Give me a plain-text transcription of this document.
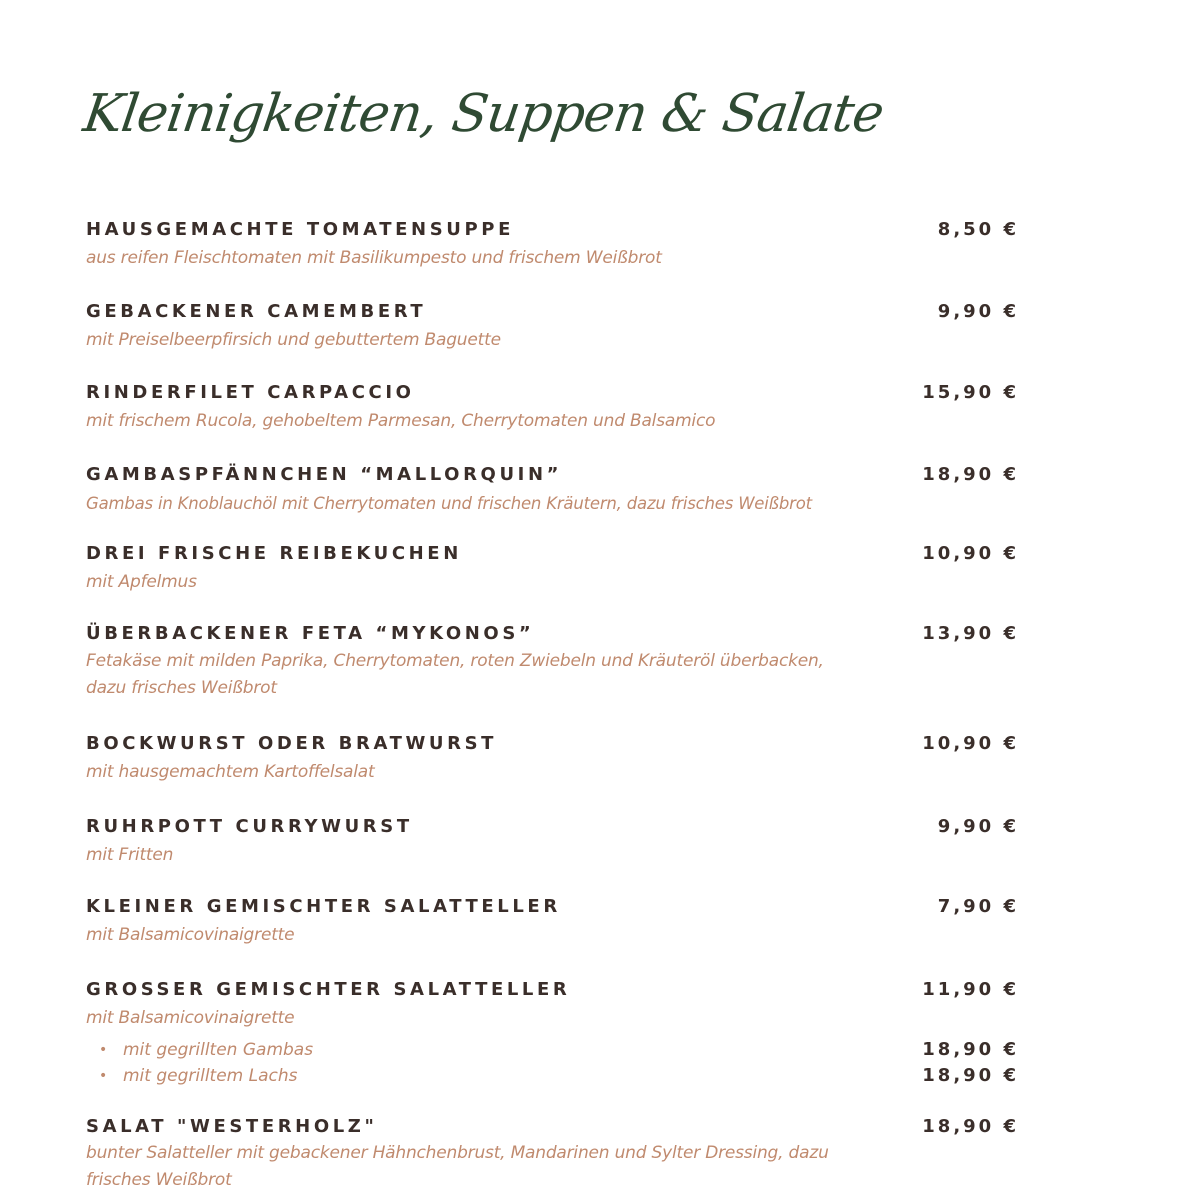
Kleinigkeiten, Suppen & Salate
HAUSGEMACHTE TOMATENSUPPE	8,50 €
aus reifen Fleischtomaten mit Basilikumpesto und frischem Weißbrot
GEBACKENER CAMEMBERT	9,90 €
mit Preiselbeerpfirsich und gebuttertem Baguette
RINDERFILET CARPACCIO	15,90 €
mit frischem Rucola, gehobeltem Parmesan, Cherrytomaten und Balsamico
GAMBASPFÄNNCHEN “MALLORQUIN”	18,90 €
Gambas in Knoblauchöl mit Cherrytomaten und frischen Kräutern, dazu frisches Weißbrot
DREI FRISCHE REIBEKUCHEN	10,90 €
mit Apfelmus
ÜBERBACKENER FETA “MYKONOS”	13,90 €
Fetakäse mit milden Paprika, Cherrytomaten, roten Zwiebeln und Kräuteröl überbacken, dazu frisches Weißbrot
BOCKWURST ODER BRATWURST	10,90 €
mit hausgemachtem Kartoffelsalat
RUHRPOTT CURRYWURST	9,90 €
mit Fritten
KLEINER GEMISCHTER SALATTELLER	7,90 €
mit Balsamicovinaigrette
GROSSER GEMISCHTER SALATTELLER	11,90 €
mit Balsamicovinaigrette
• mit gegrillten Gambas	18,90 €
• mit gegrilltem Lachs	18,90 €
SALAT "WESTERHOLZ"	18,90 €
bunter Salatteller mit gebackener Hähnchenbrust, Mandarinen und Sylter Dressing, dazu frisches Weißbrot
